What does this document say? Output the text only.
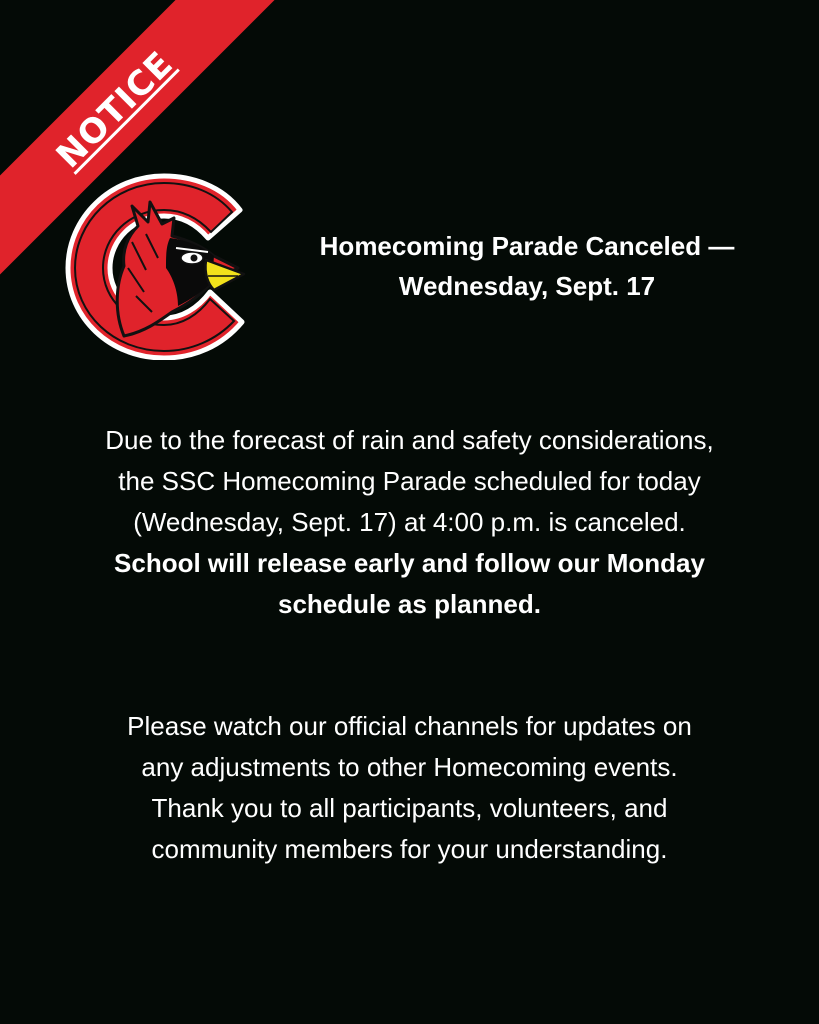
NOTICE
Homecoming Parade Canceled —
Wednesday, Sept. 17
Due to the forecast of rain and safety considerations,
the SSC Homecoming Parade scheduled for today
(Wednesday, Sept. 17) at 4:00 p.m. is canceled.
School will release early and follow our Monday
schedule as planned.
Please watch our official channels for updates on
any adjustments to other Homecoming events.
Thank you to all participants, volunteers, and
community members for your understanding.
